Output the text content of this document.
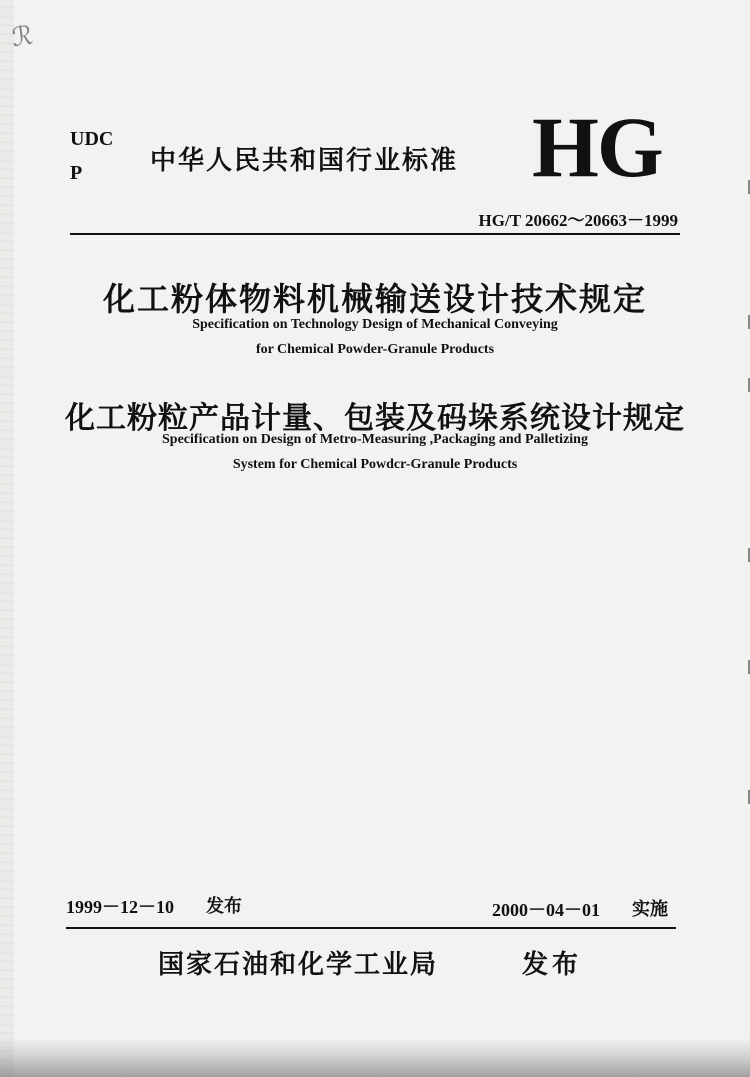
ℛ
UDC
P	中华人民共和国行业标准 HG
HG/T 20662～20663－1999
化工粉体物料机械输送设计技术规定
Specification on Technology Design of Mechanical Conveying
for Chemical Powder-Granule Products
化工粉粒产品计量、包装及码垛系统设计规定
Specification on Design of Metro-Measuring ,Packaging and Palletizing
System for Chemical Powdcr-Granule Products
1999－12－10 发布	2000－04－01 实施
国家石油和化学工业局	发布
